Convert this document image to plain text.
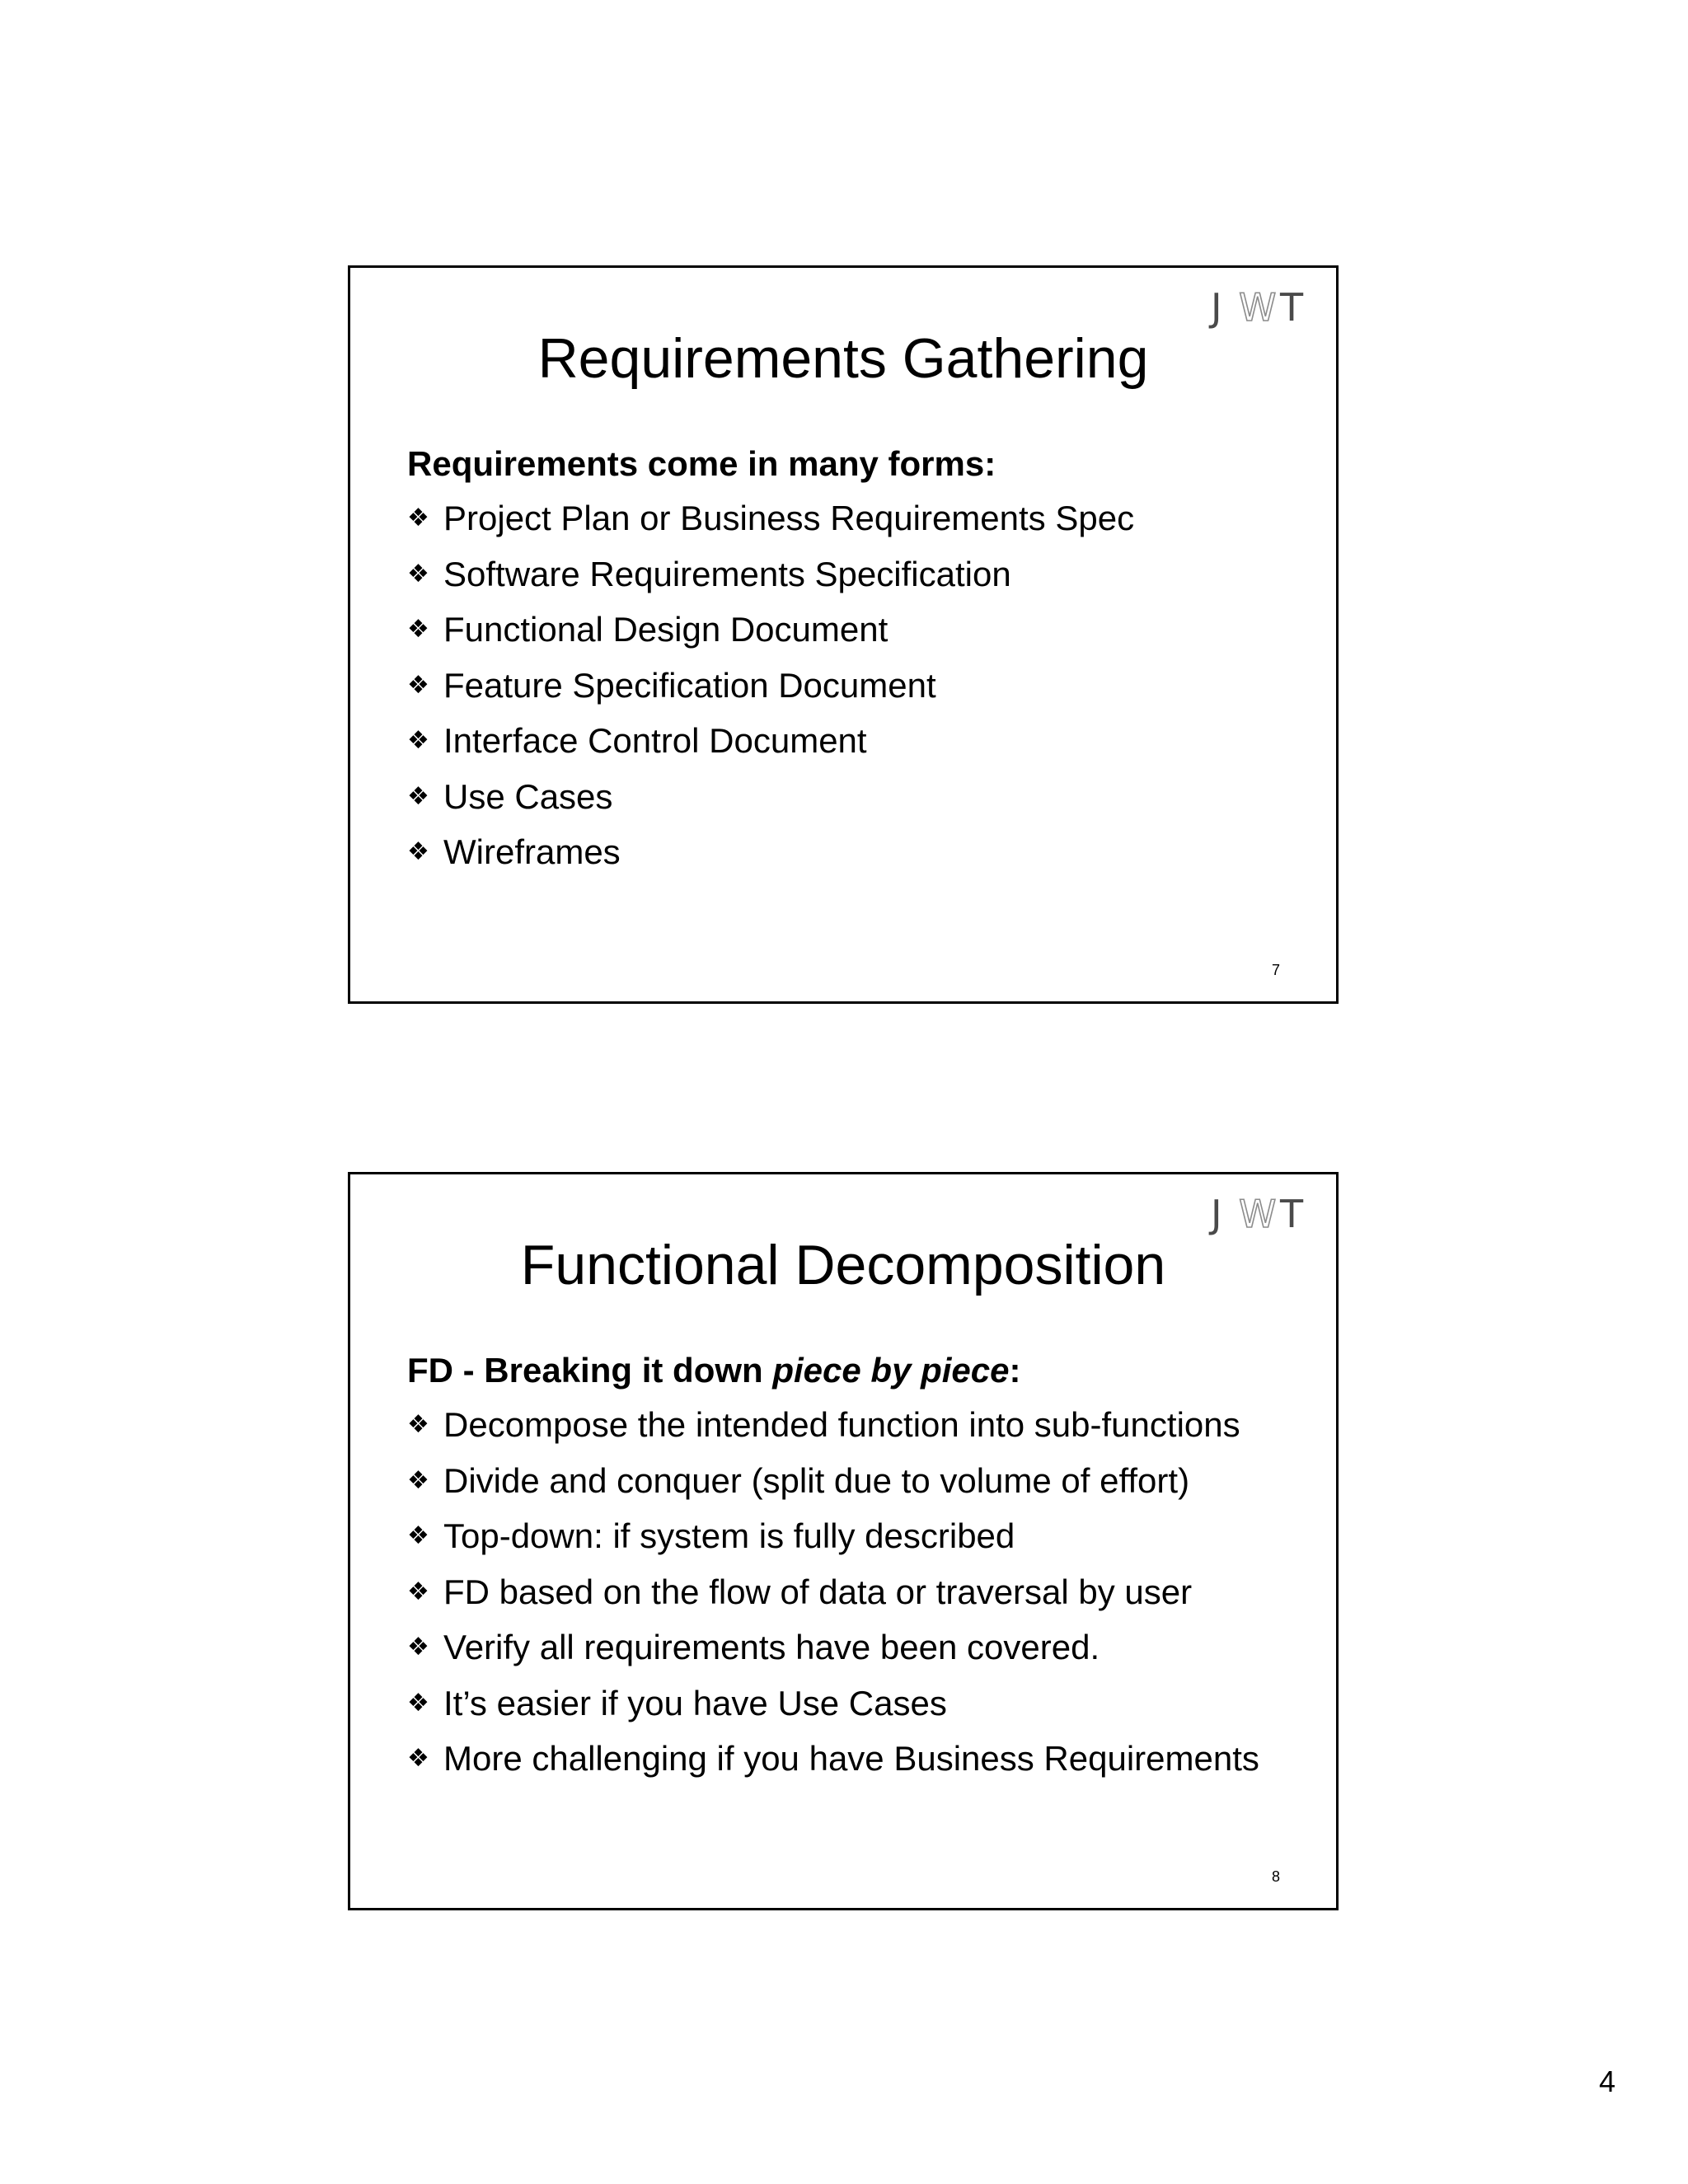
J W T
Requirements Gathering
Requirements come in many forms:
❖ Project Plan or Business Requirements Spec
❖ Software Requirements Specification
❖ Functional Design Document
❖ Feature Specification Document
❖ Interface Control Document
❖ Use Cases
❖ Wireframes
7
J W T
Functional Decomposition
FD - Breaking it down piece by piece:
❖ Decompose the intended function into sub-functions
❖ Divide and conquer (split due to volume of effort)
❖ Top-down: if system is fully described
❖ FD based on the flow of data or traversal by user
❖ Verify all requirements have been covered.
❖ It’s easier if you have Use Cases
❖ More challenging if you have Business Requirements
8
4
